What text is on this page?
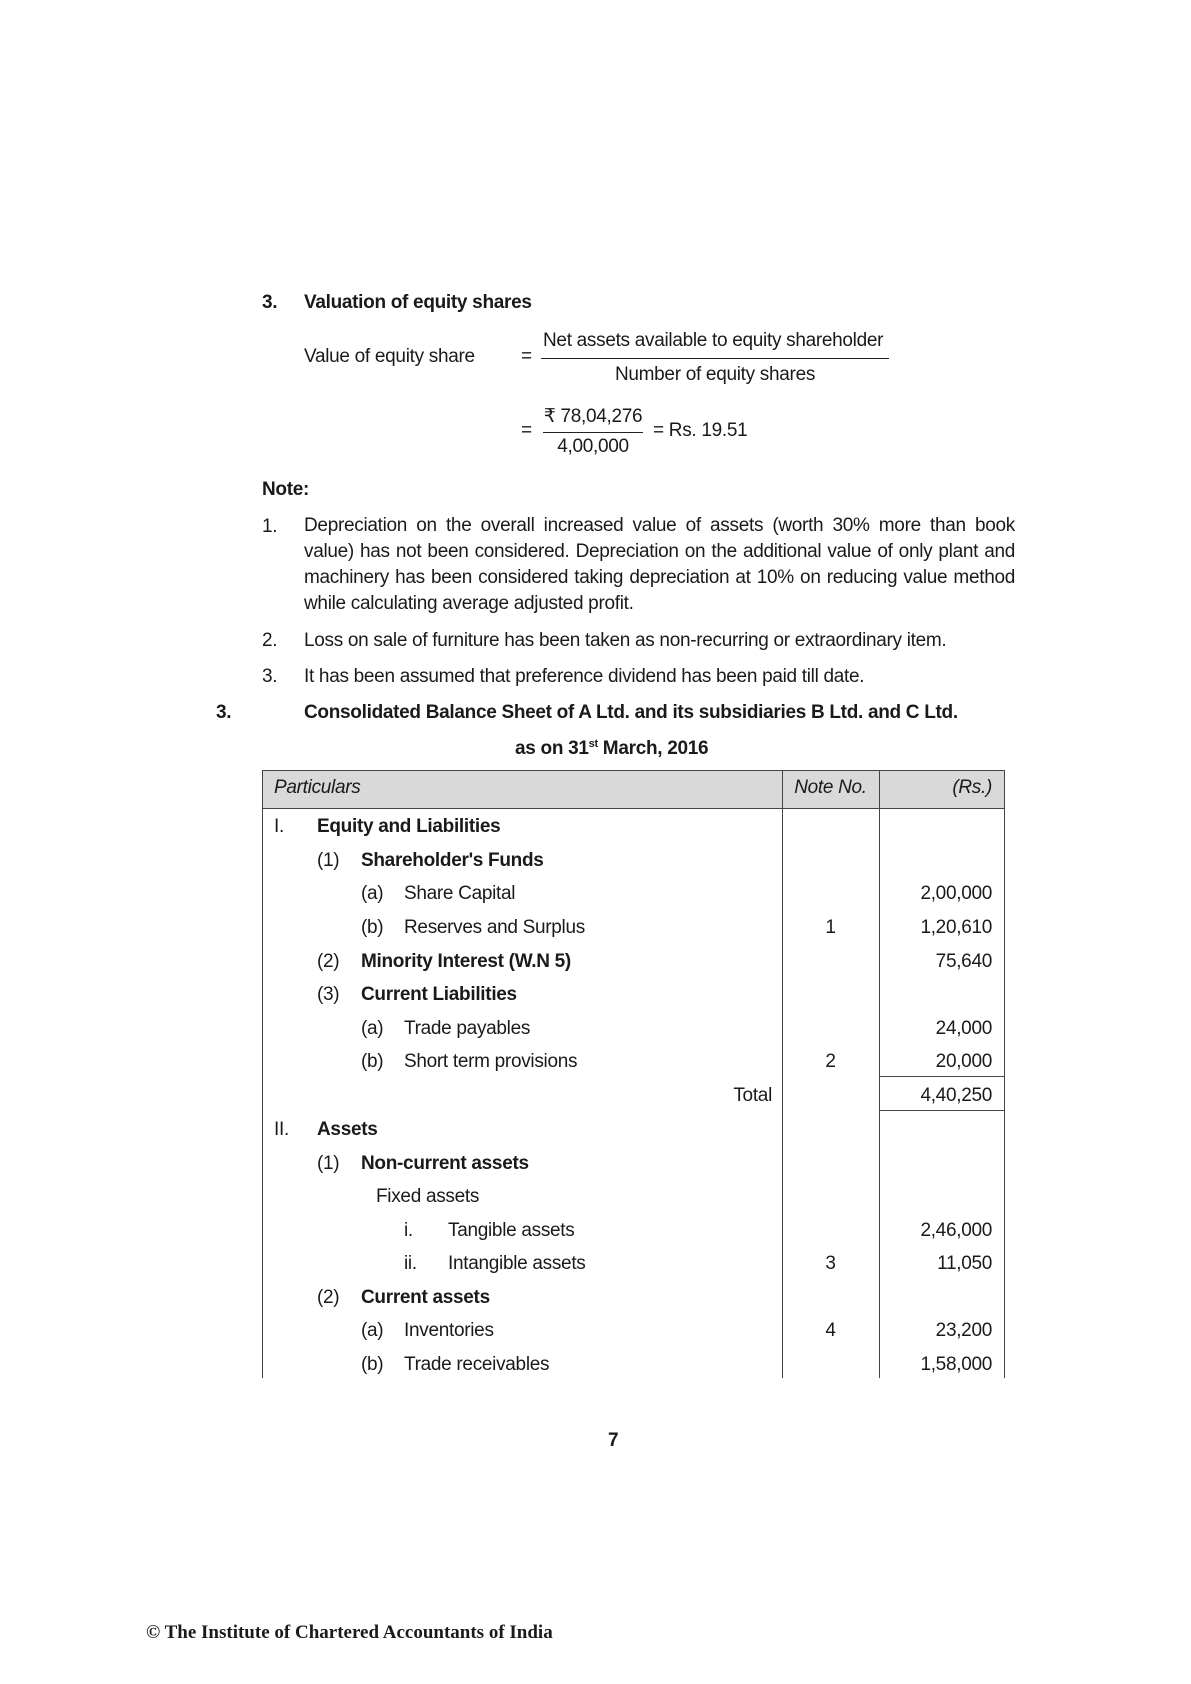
3. Valuation of equity shares
Value of equity share =
Net assets available to equity shareholder
Number of equity shares
=
₹ 78,04,276
4,00,000
= Rs. 19.51
Note:
1. Depreciation on the overall increased value of assets (worth 30% more than book value) has not been considered. Depreciation on the additional value of only plant and machinery has been considered taking depreciation at 10% on reducing value method while calculating average adjusted profit.
2. Loss on sale of furniture has been taken as non-recurring or extraordinary item.
3. It has been assumed that preference dividend has been paid till date.
3.	Consolidated Balance Sheet of A Ltd. and its subsidiaries B Ltd. and C Ltd.
as on 31st March, 2016
Particulars	Note No.	(Rs.)
I. Equity and Liabilities
(1) Shareholder's Funds
(a) Share Capital	2,00,000
(b) Reserves and Surplus	1	1,20,610
(2) Minority Interest (W.N 5)	75,640
(3) Current Liabilities
(a) Trade payables	24,000
(b) Short term provisions	2	20,000
Total	4,40,250
II. Assets
(1) Non-current assets
Fixed assets
i. Tangible assets	2,46,000
ii. Intangible assets	3	11,050
(2) Current assets
(a) Inventories	4	23,200
(b) Trade receivables	1,58,000
7
© The Institute of Chartered Accountants of India
